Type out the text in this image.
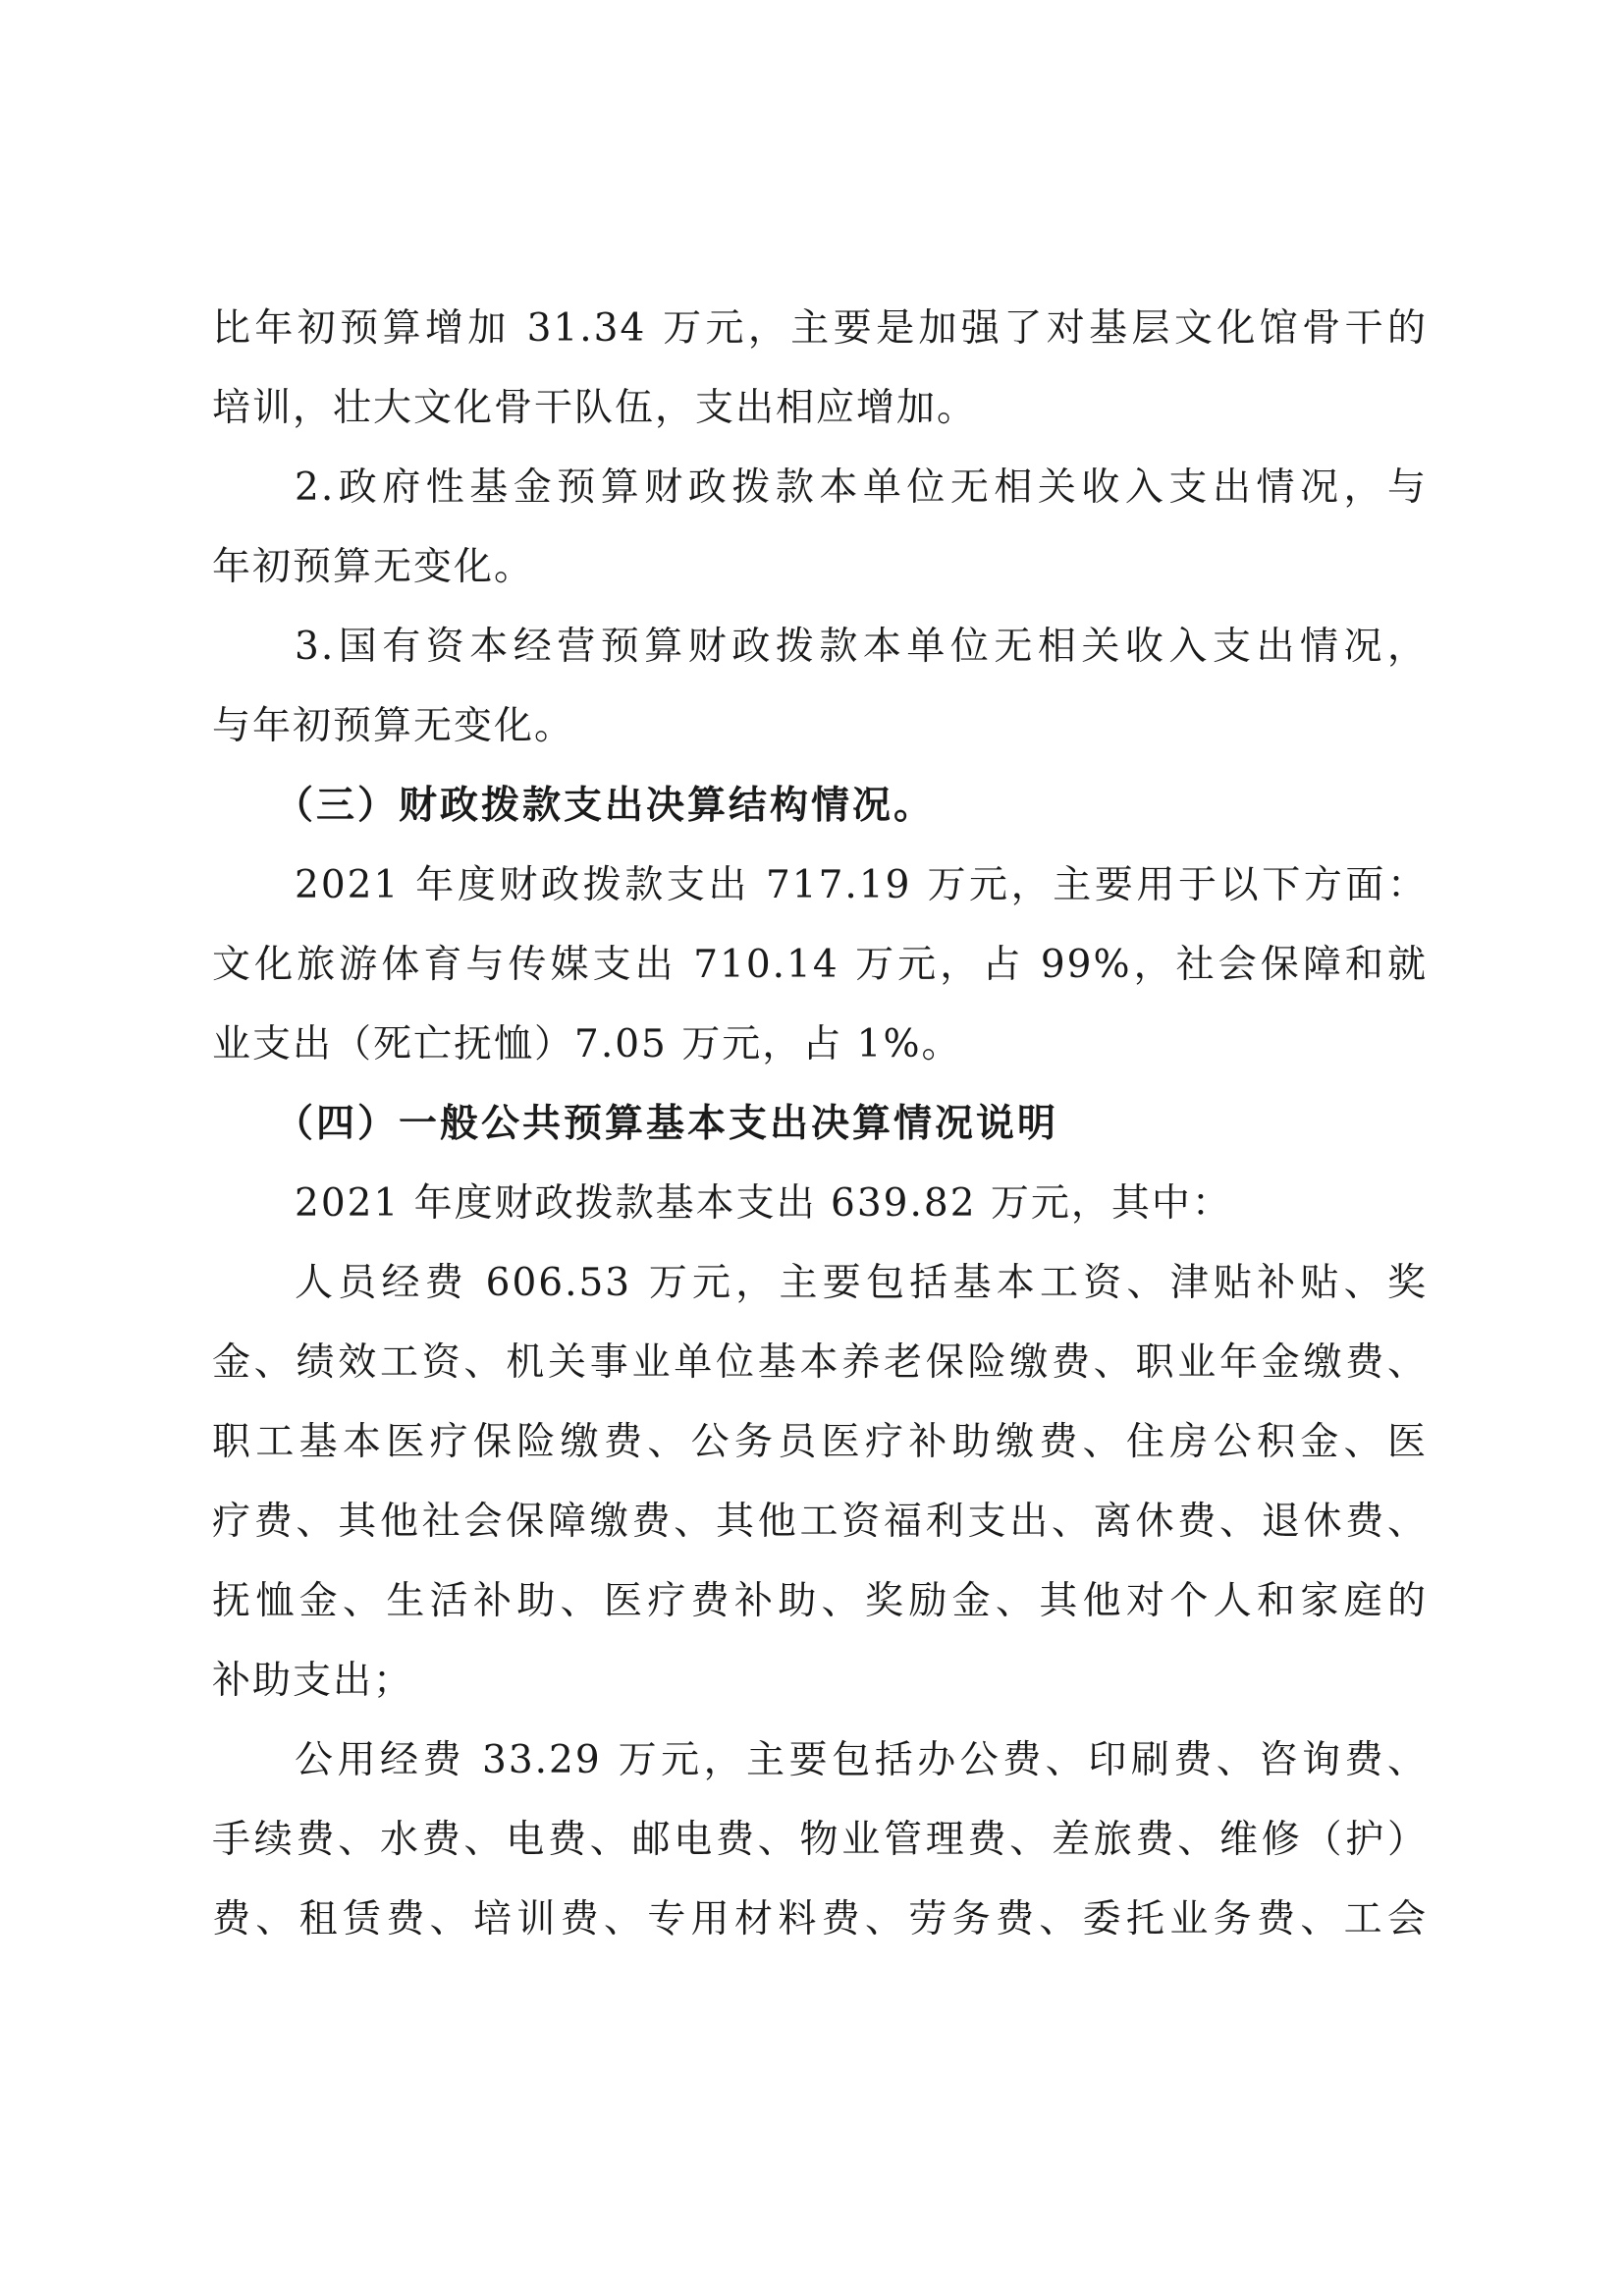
比年初预算增加 31.34 万元，主要是加强了对基层文化馆骨干的

培训，壮大文化骨干队伍，支出相应增加。

2.政府性基金预算财政拨款本单位无相关收入支出情况，与

年初预算无变化。

3.国有资本经营预算财政拨款本单位无相关收入支出情况，

与年初预算无变化。

（三）财政拨款支出决算结构情况。

2021 年度财政拨款支出 717.19 万元，主要用于以下方面：

文化旅游体育与传媒支出 710.14 万元，占 99%，社会保障和就

业支出（死亡抚恤）7.05 万元，占 1%。

（四）一般公共预算基本支出决算情况说明

2021 年度财政拨款基本支出 639.82 万元，其中：

人员经费 606.53 万元，主要包括基本工资、津贴补贴、奖

金、绩效工资、机关事业单位基本养老保险缴费、职业年金缴费、

职工基本医疗保险缴费、公务员医疗补助缴费、住房公积金、医

疗费、其他社会保障缴费、其他工资福利支出、离休费、退休费、

抚恤金、生活补助、医疗费补助、奖励金、其他对个人和家庭的

补助支出；

公用经费 33.29 万元，主要包括办公费、印刷费、咨询费、

手续费、水费、电费、邮电费、物业管理费、差旅费、维修（护）

费、租赁费、培训费、专用材料费、劳务费、委托业务费、工会
